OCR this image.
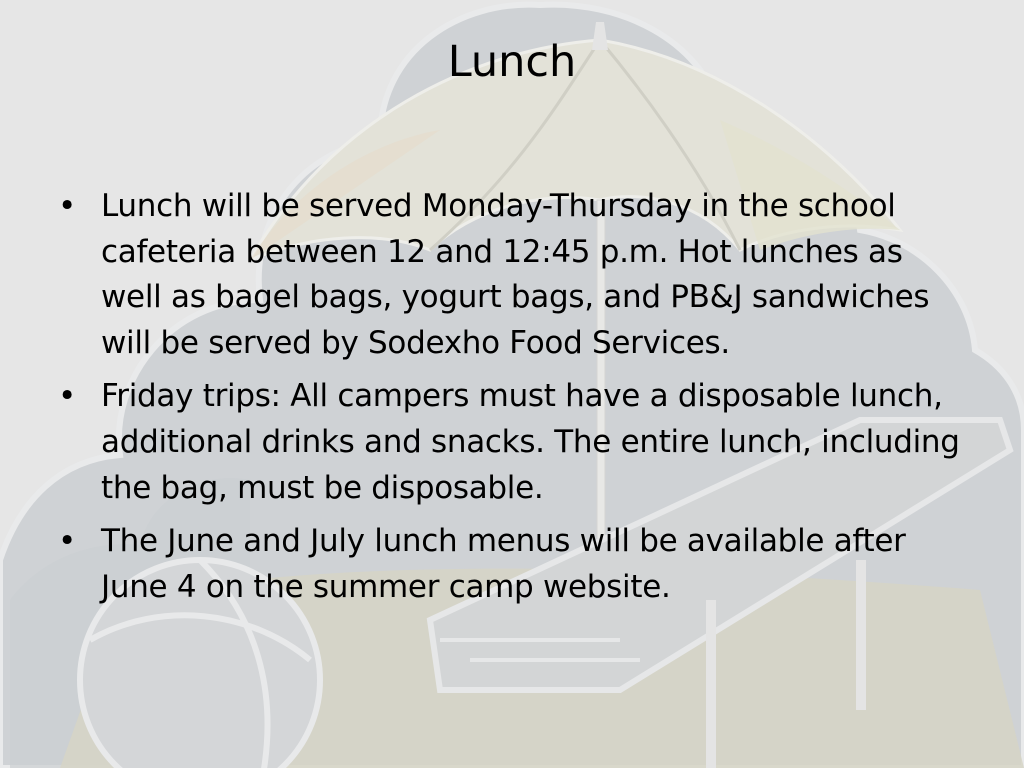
Lunch
• Lunch will be served Monday-Thursday in the school cafeteria between 12 and 12:45 p.m. Hot lunches as well as bagel bags, yogurt bags, and PB&J sandwiches will be served by Sodexho Food Services.
• Friday trips: All campers must have a disposable lunch, additional drinks and snacks. The entire lunch, including the bag, must be disposable.
• The June and July lunch menus will be available after June 4 on the summer camp website.
